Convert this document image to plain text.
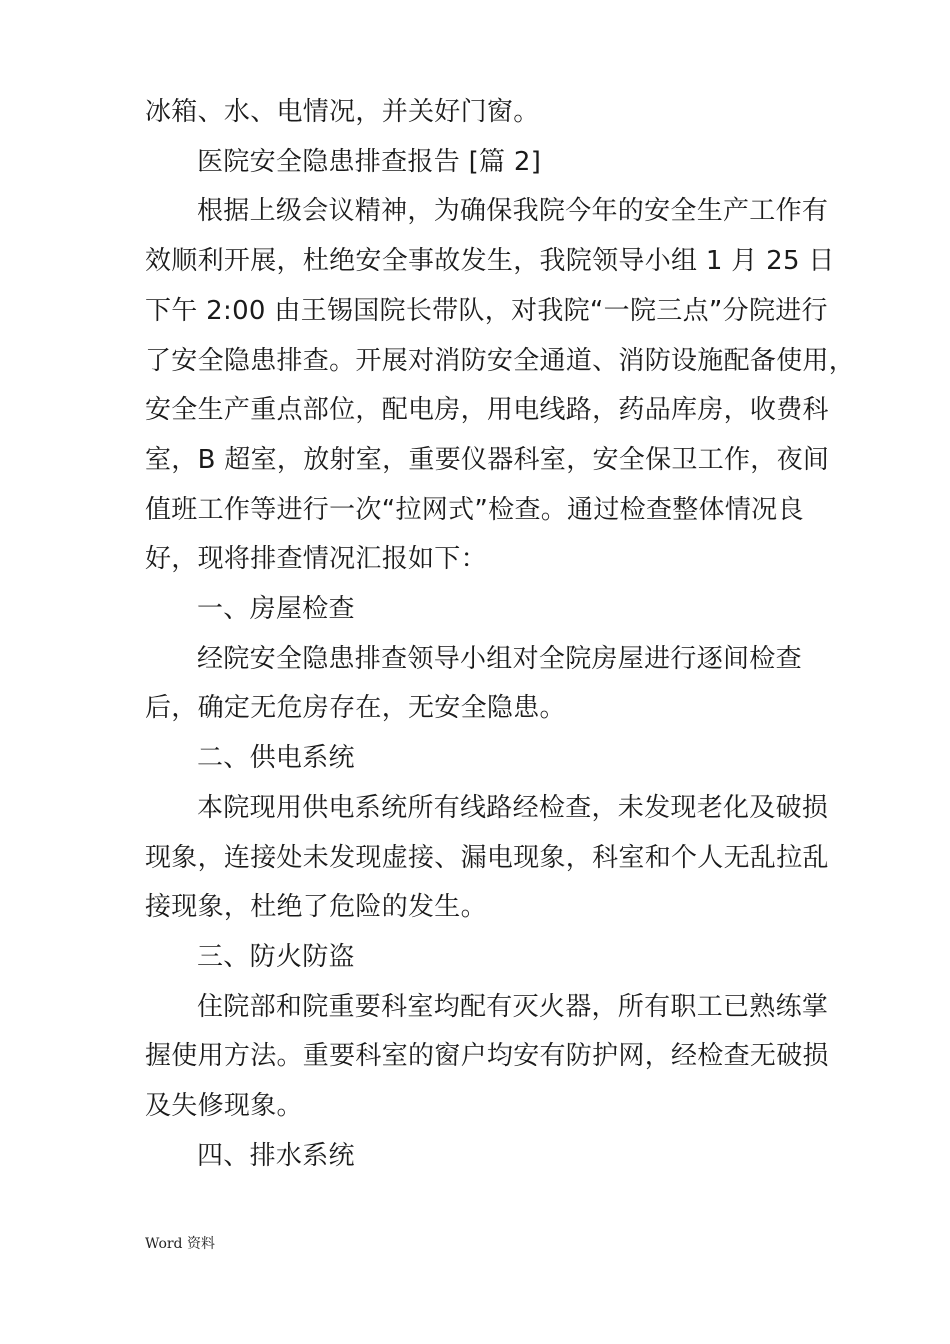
冰箱、水、电情况，并关好门窗。
医院安全隐患排查报告 [篇 2]
根据上级会议精神，为确保我院今年的安全生产工作有
效顺利开展，杜绝安全事故发生，我院领导小组 1 月 25 日
下午 2:00 由王锡国院长带队，对我院“一院三点”分院进行
了安全隐患排查。开展对消防安全通道、消防设施配备使用，
安全生产重点部位，配电房，用电线路，药品库房，收费科
室，B 超室，放射室，重要仪器科室，安全保卫工作，夜间
值班工作等进行一次“拉网式”检查。通过检查整体情况良
好，现将排查情况汇报如下：
一、房屋检查
经院安全隐患排查领导小组对全院房屋进行逐间检查
后，确定无危房存在，无安全隐患。
二、供电系统
本院现用供电系统所有线路经检查，未发现老化及破损
现象，连接处未发现虚接、漏电现象，科室和个人无乱拉乱
接现象，杜绝了危险的发生。
三、防火防盗
住院部和院重要科室均配有灭火器，所有职工已熟练掌
握使用方法。重要科室的窗户均安有防护网，经检查无破损
及失修现象。
四、排水系统
Word 资料
